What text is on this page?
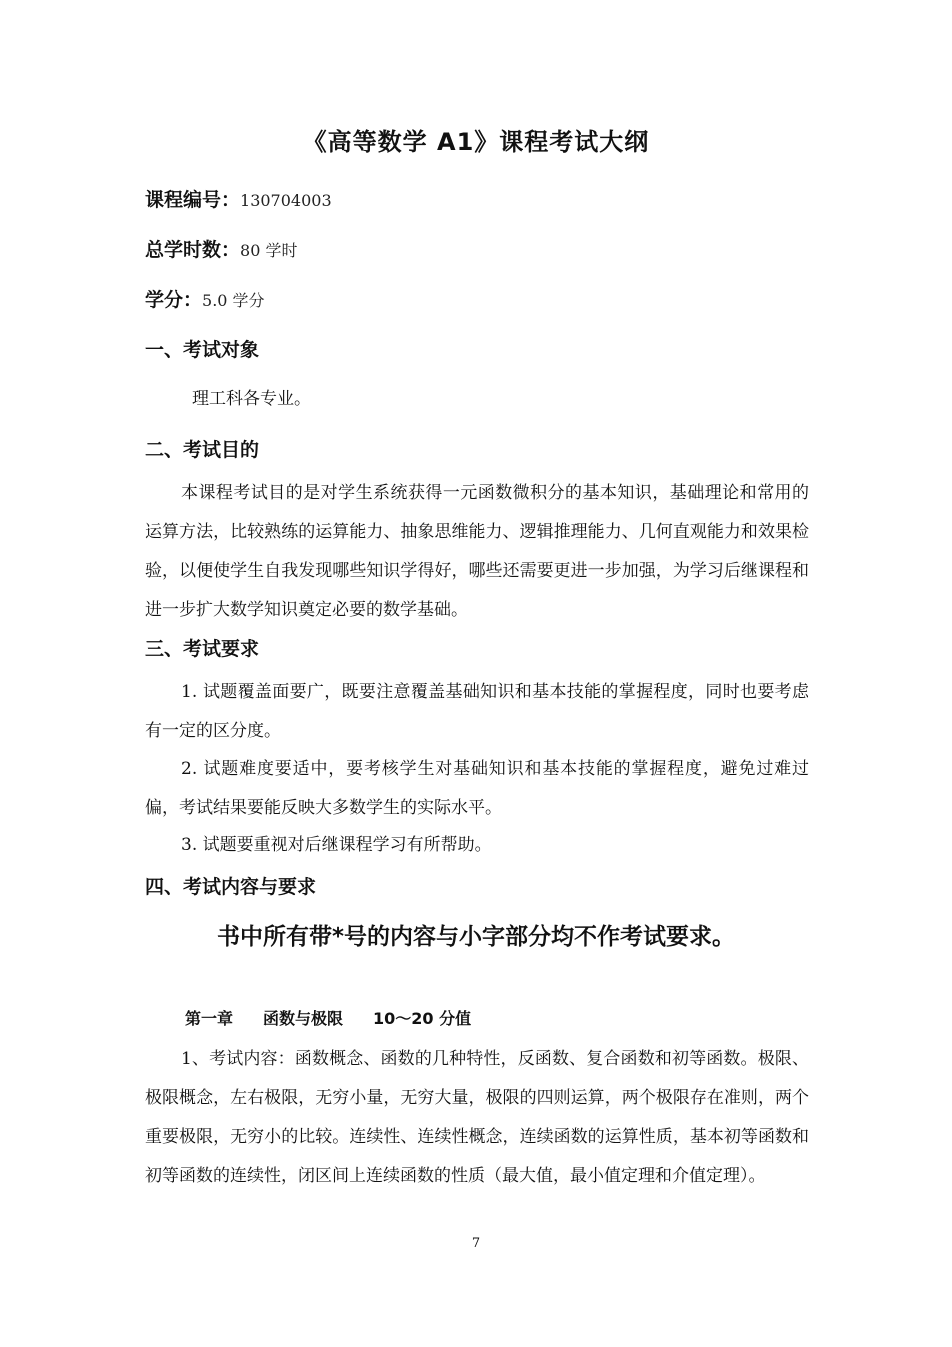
《高等数学 A1》课程考试大纲
课程编号：130704003
总学时数：80 学时
学分：5.0 学分
一、考试对象
理工科各专业。
二、考试目的

本课程考试目的是对学生系统获得一元函数微积分的基本知识，基础理论和常用的运算方法，比较熟练的运算能力、抽象思维能力、逻辑推理能力、几何直观能力和效果检验，以便使学生自我发现哪些知识学得好，哪些还需要更进一步加强，为学习后继课程和进一步扩大数学知识奠定必要的数学基础。

三、考试要求

1. 试题覆盖面要广，既要注意覆盖基础知识和基本技能的掌握程度，同时也要考虑有一定的区分度。

2. 试题难度要适中，要考核学生对基础知识和基本技能的掌握程度，避免过难过偏，考试结果要能反映大多数学生的实际水平。

3. 试题要重视对后继课程学习有所帮助。

四、考试内容与要求
书中所有带*号的内容与小字部分均不作考试要求。
第一章 函数与极限 10～20 分值

1、考试内容：函数概念、函数的几种特性，反函数、复合函数和初等函数。极限、极限概念，左右极限，无穷小量，无穷大量，极限的四则运算，两个极限存在准则，两个重要极限，无穷小的比较。连续性、连续性概念，连续函数的运算性质，基本初等函数和初等函数的连续性，闭区间上连续函数的性质（最大值，最小值定理和介值定理）。

7
